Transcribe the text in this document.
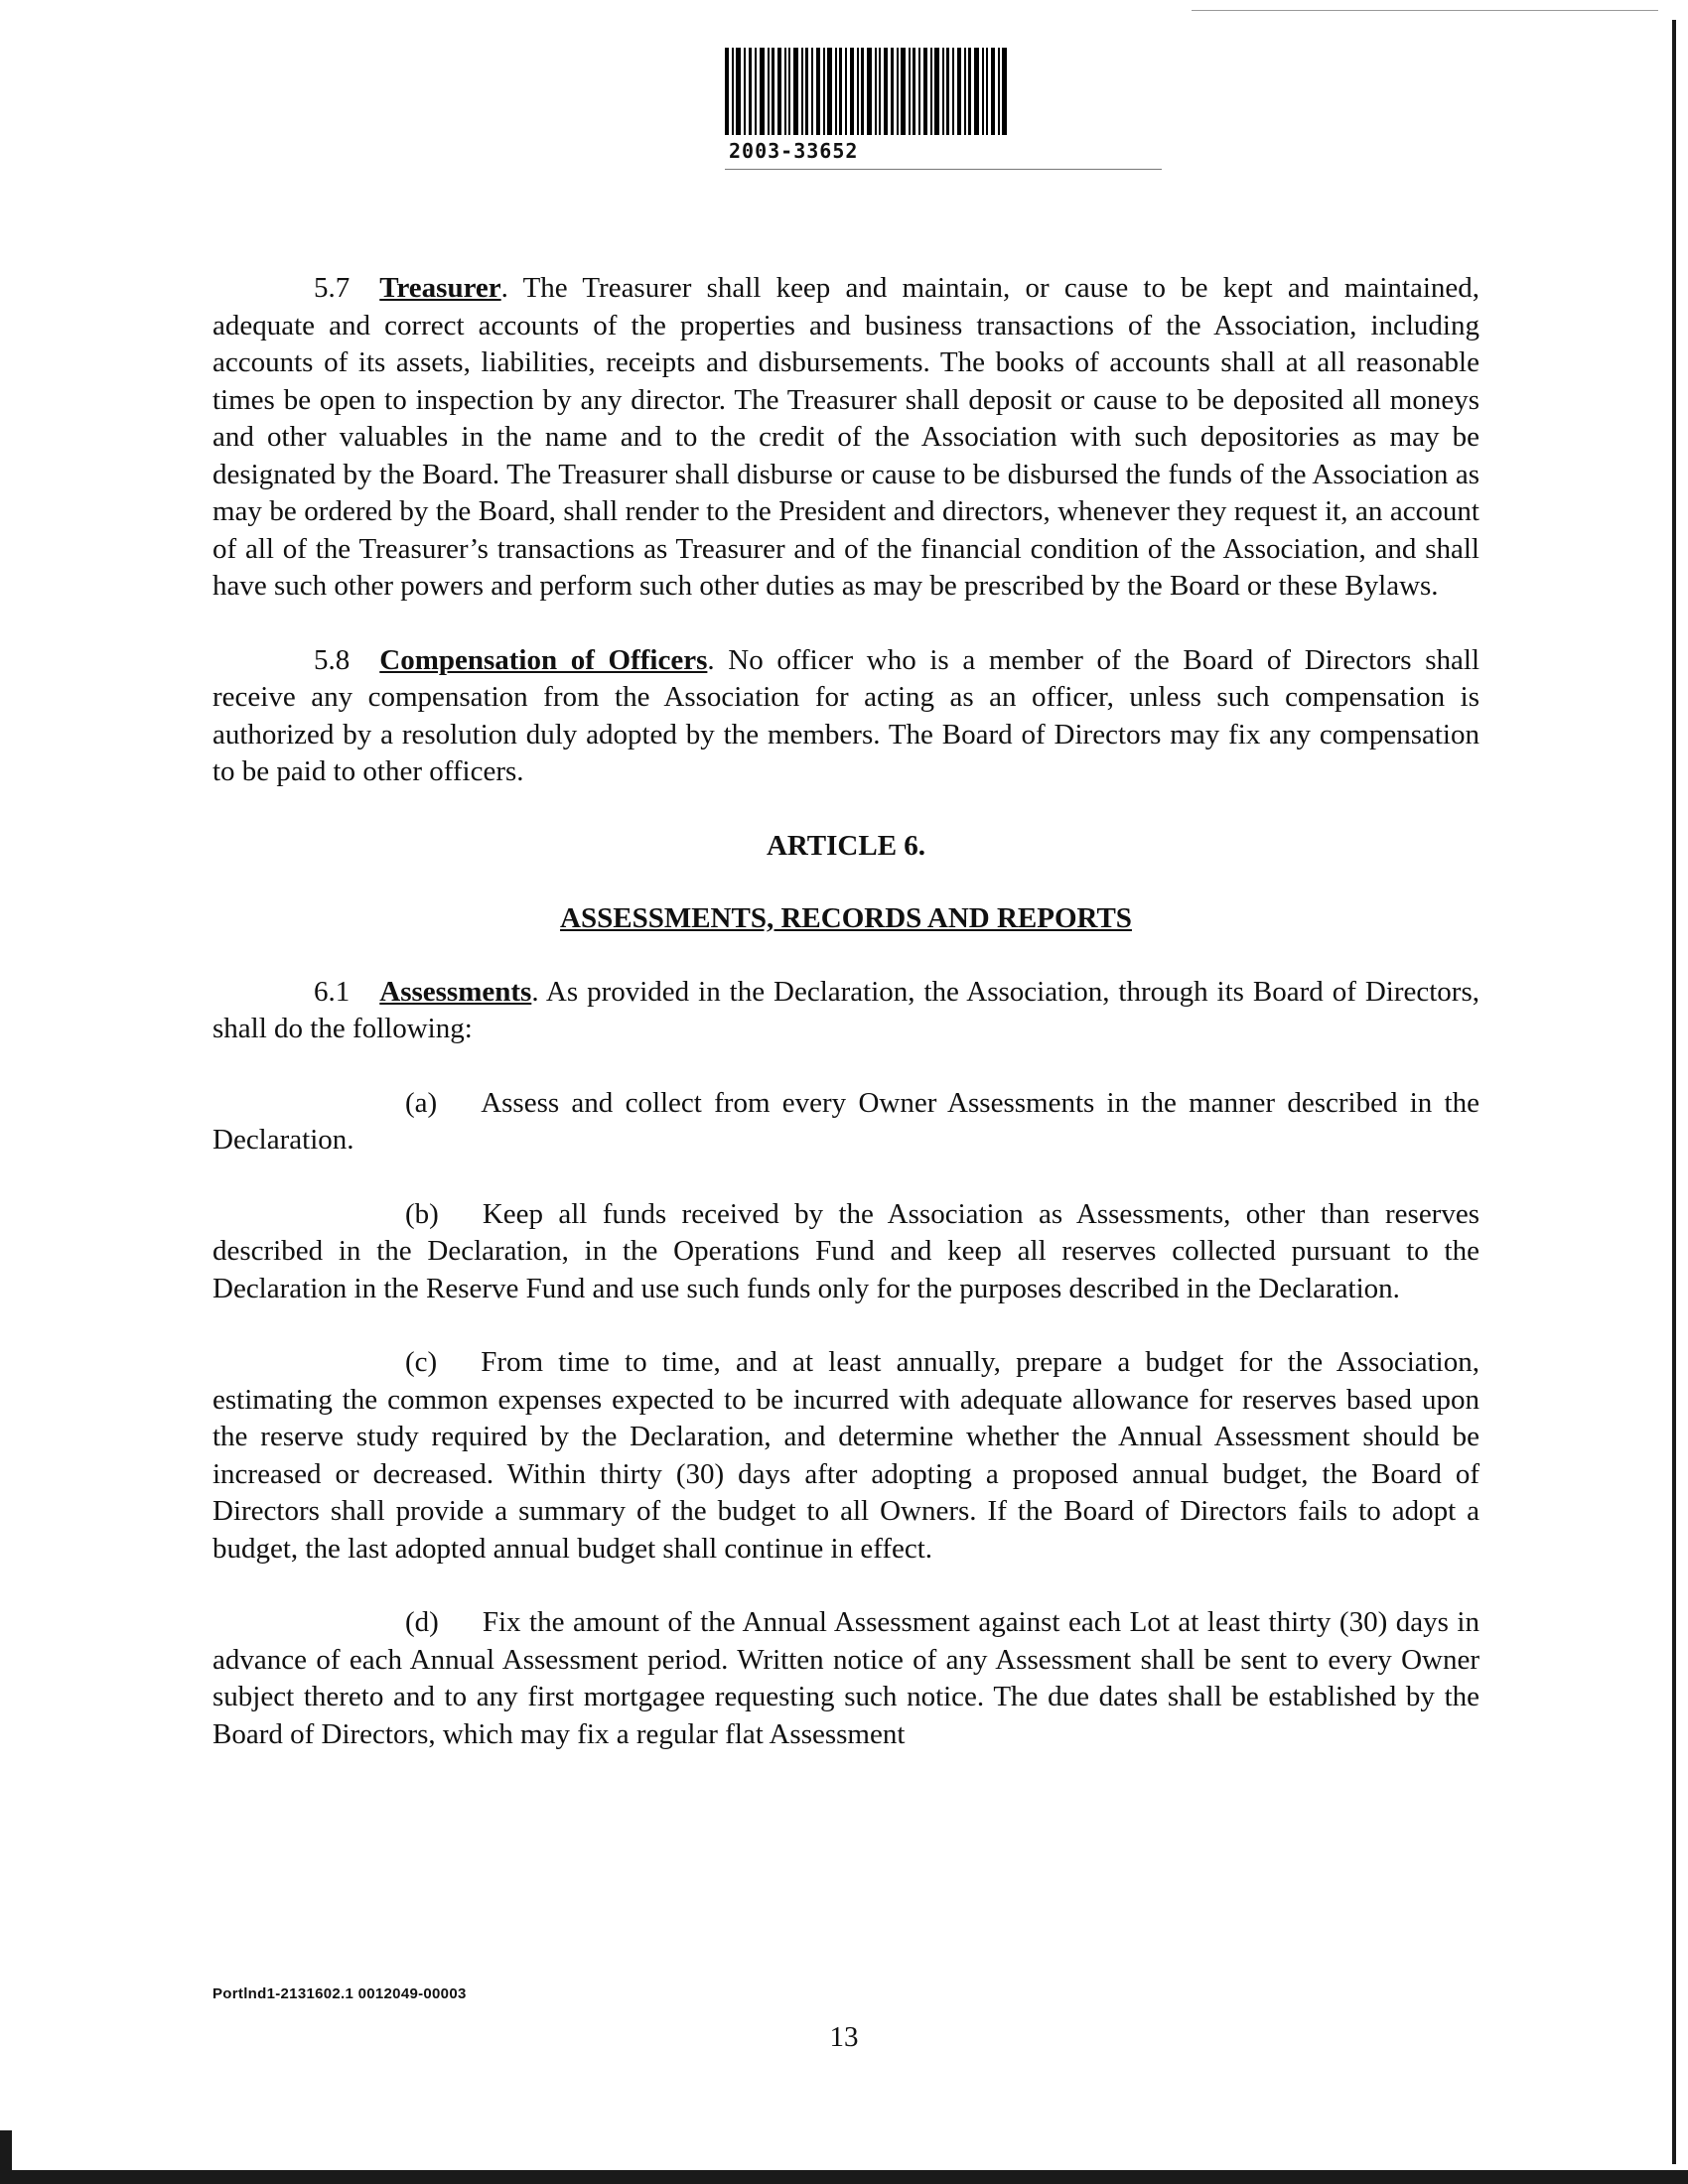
2003-33652

5.7 Treasurer. The Treasurer shall keep and maintain, or cause to be kept and maintained, adequate and correct accounts of the properties and business transactions of the Association, including accounts of its assets, liabilities, receipts and disbursements. The books of accounts shall at all reasonable times be open to inspection by any director. The Treasurer shall deposit or cause to be deposited all moneys and other valuables in the name and to the credit of the Association with such depositories as may be designated by the Board. The Treasurer shall disburse or cause to be disbursed the funds of the Association as may be ordered by the Board, shall render to the President and directors, whenever they request it, an account of all of the Treasurer’s transactions as Treasurer and of the financial condition of the Association, and shall have such other powers and perform such other duties as may be prescribed by the Board or these Bylaws.

5.8 Compensation of Officers. No officer who is a member of the Board of Directors shall receive any compensation from the Association for acting as an officer, unless such compensation is authorized by a resolution duly adopted by the members. The Board of Directors may fix any compensation to be paid to other officers.

ARTICLE 6.
ASSESSMENTS, RECORDS AND REPORTS

6.1 Assessments. As provided in the Declaration, the Association, through its Board of Directors, shall do the following:

(a) Assess and collect from every Owner Assessments in the manner described in the Declaration.

(b) Keep all funds received by the Association as Assessments, other than reserves described in the Declaration, in the Operations Fund and keep all reserves collected pursuant to the Declaration in the Reserve Fund and use such funds only for the purposes described in the Declaration.

(c) From time to time, and at least annually, prepare a budget for the Association, estimating the common expenses expected to be incurred with adequate allowance for reserves based upon the reserve study required by the Declaration, and determine whether the Annual Assessment should be increased or decreased. Within thirty (30) days after adopting a proposed annual budget, the Board of Directors shall provide a summary of the budget to all Owners. If the Board of Directors fails to adopt a budget, the last adopted annual budget shall continue in effect.

(d) Fix the amount of the Annual Assessment against each Lot at least thirty (30) days in advance of each Annual Assessment period. Written notice of any Assessment shall be sent to every Owner subject thereto and to any first mortgagee requesting such notice. The due dates shall be established by the Board of Directors, which may fix a regular flat Assessment

Portlnd1-2131602.1 0012049-00003
13
